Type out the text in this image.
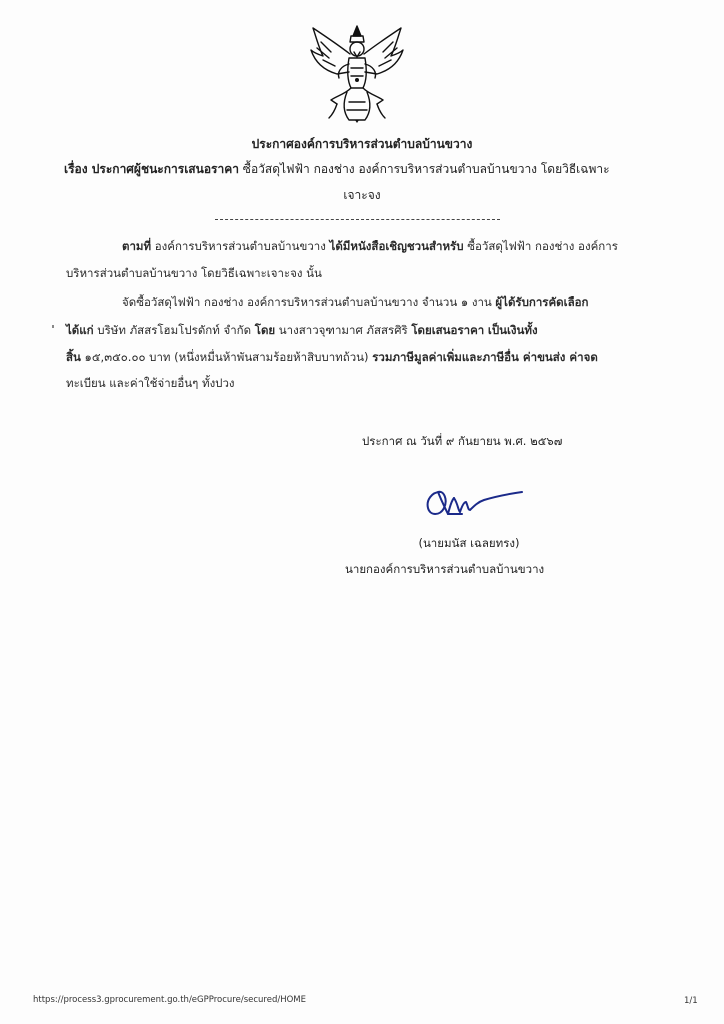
ประกาศองค์การบริหารส่วนตำบลบ้านขวาง
เรื่อง ประกาศผู้ชนะการเสนอราคา ซื้อวัสดุไฟฟ้า กองช่าง องค์การบริหารส่วนตำบลบ้านขวาง โดยวิธีเฉพาะ
เจาะจง
ตามที่ องค์การบริหารส่วนตำบลบ้านขวาง ได้มีหนังสือเชิญชวนสำหรับ ซื้อวัสดุไฟฟ้า กองช่าง องค์การ
บริหารส่วนตำบลบ้านขวาง โดยวิธีเฉพาะเจาะจง นั้น
จัดซื้อวัสดุไฟฟ้า กองช่าง องค์การบริหารส่วนตำบลบ้านขวาง จำนวน ๑ งาน ผู้ได้รับการคัดเลือก
ได้แก่ บริษัท ภัสสรโฮมโปรดักท์ จำกัด โดย นางสาวจุฑามาศ ภัสสรศิริ โดยเสนอราคา เป็นเงินทั้ง
สิ้น ๑๕,๓๕๐.๐๐ บาท (หนึ่งหมื่นห้าพันสามร้อยห้าสิบบาทถ้วน) รวมภาษีมูลค่าเพิ่มและภาษีอื่น ค่าขนส่ง ค่าจด
ทะเบียน และค่าใช้จ่ายอื่นๆ ทั้งปวง
ประกาศ ณ วันที่ ๙ กันยายน พ.ศ. ๒๕๖๗
(นายมนัส เฉลยทรง)
นายกองค์การบริหารส่วนตำบลบ้านขวาง
https://process3.gprocurement.go.th/eGPProcure/secured/HOME	1/1
